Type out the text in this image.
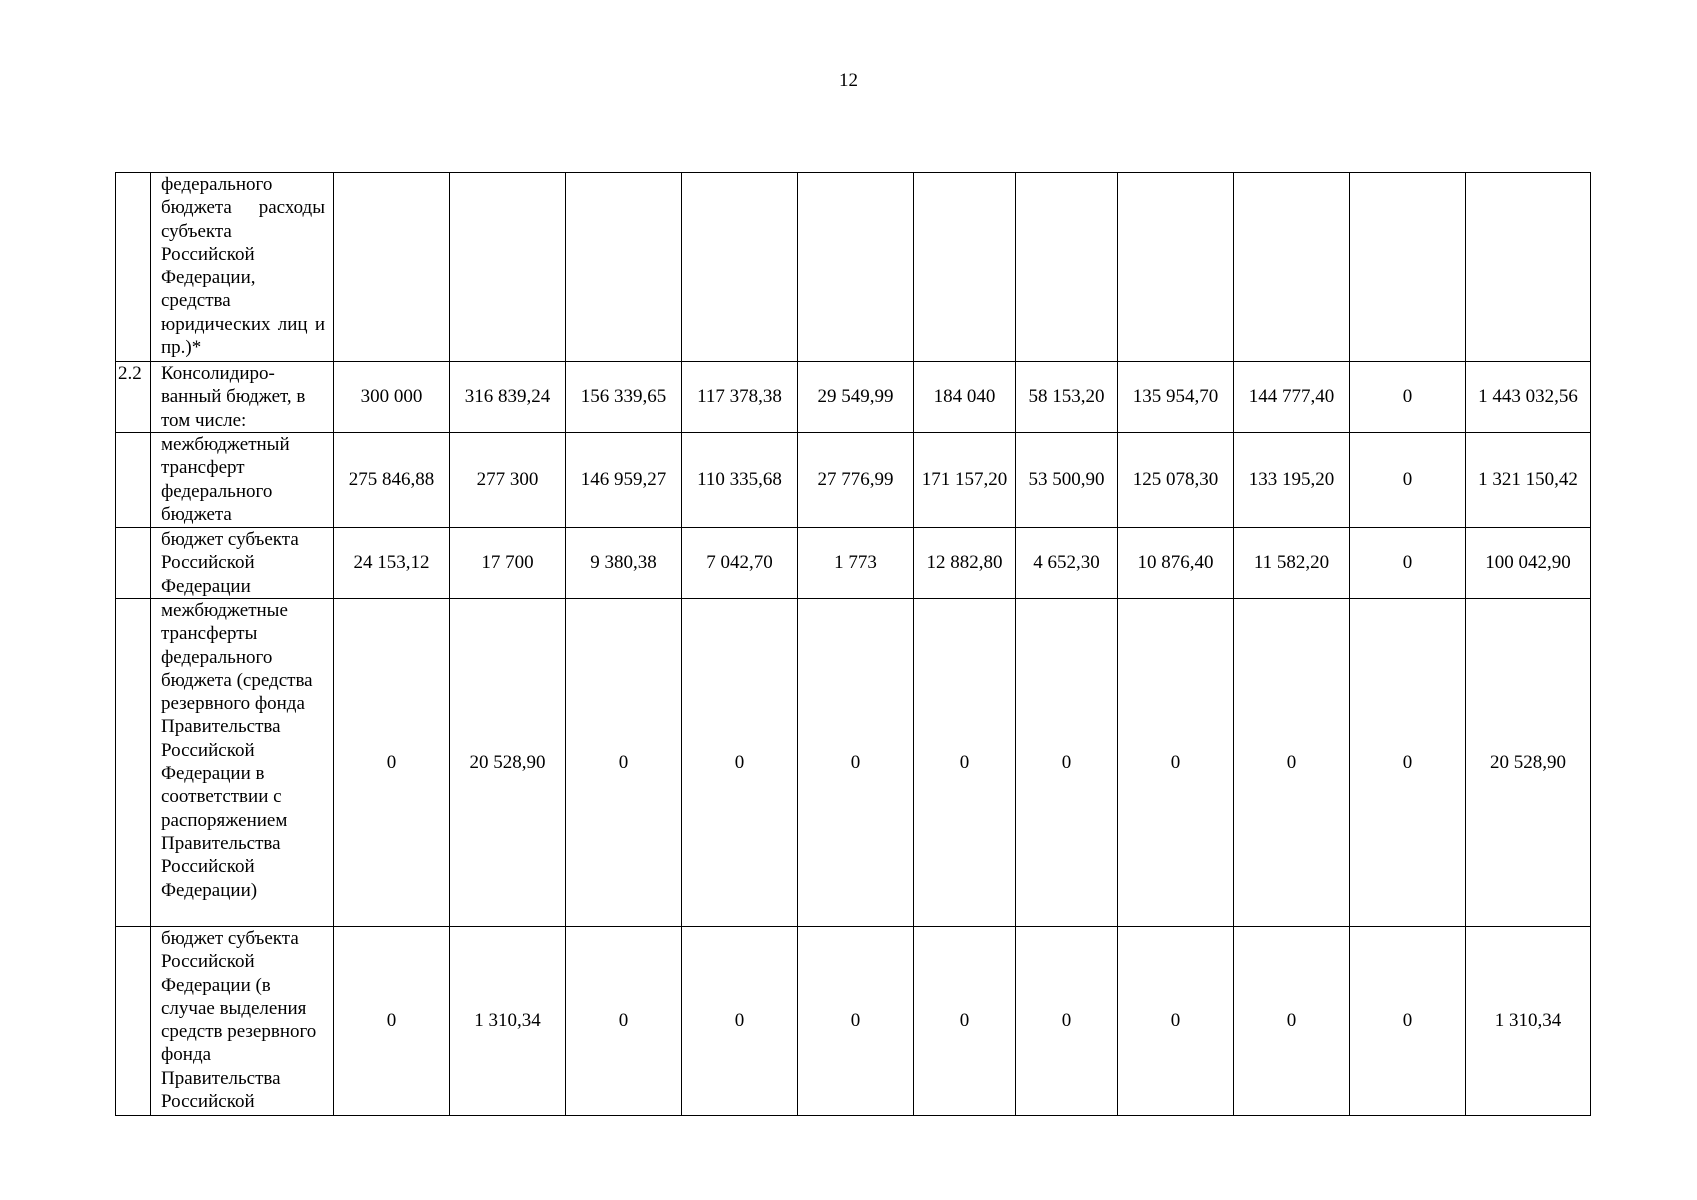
12
	федерального бюджета расходы субъекта Российской Федерации, средства юридических лиц и пр.)*											
2.2	Консолидиро-ванный бюджет, в том числе:	300 000	316 839,24	156 339,65	117 378,38	29 549,99	184 040	58 153,20	135 954,70	144 777,40	0	1 443 032,56
	межбюджетный трансферт федерального бюджета	275 846,88	277 300	146 959,27	110 335,68	27 776,99	171 157,20	53 500,90	125 078,30	133 195,20	0	1 321 150,42
	бюджет субъекта Российской Федерации	24 153,12	17 700	9 380,38	7 042,70	1 773	12 882,80	4 652,30	10 876,40	11 582,20	0	100 042,90
	межбюджетные трансферты федерального бюджета (средства резервного фонда Правительства Российской Федерации в соответствии с распоряжением Правительства Российской Федерации)	0	20 528,90	0	0	0	0	0	0	0	0	20 528,90
	бюджет субъекта Российской Федерации (в случае выделения средств резервного фонда Правительства Российской	0	1 310,34	0	0	0	0	0	0	0	0	1 310,34
